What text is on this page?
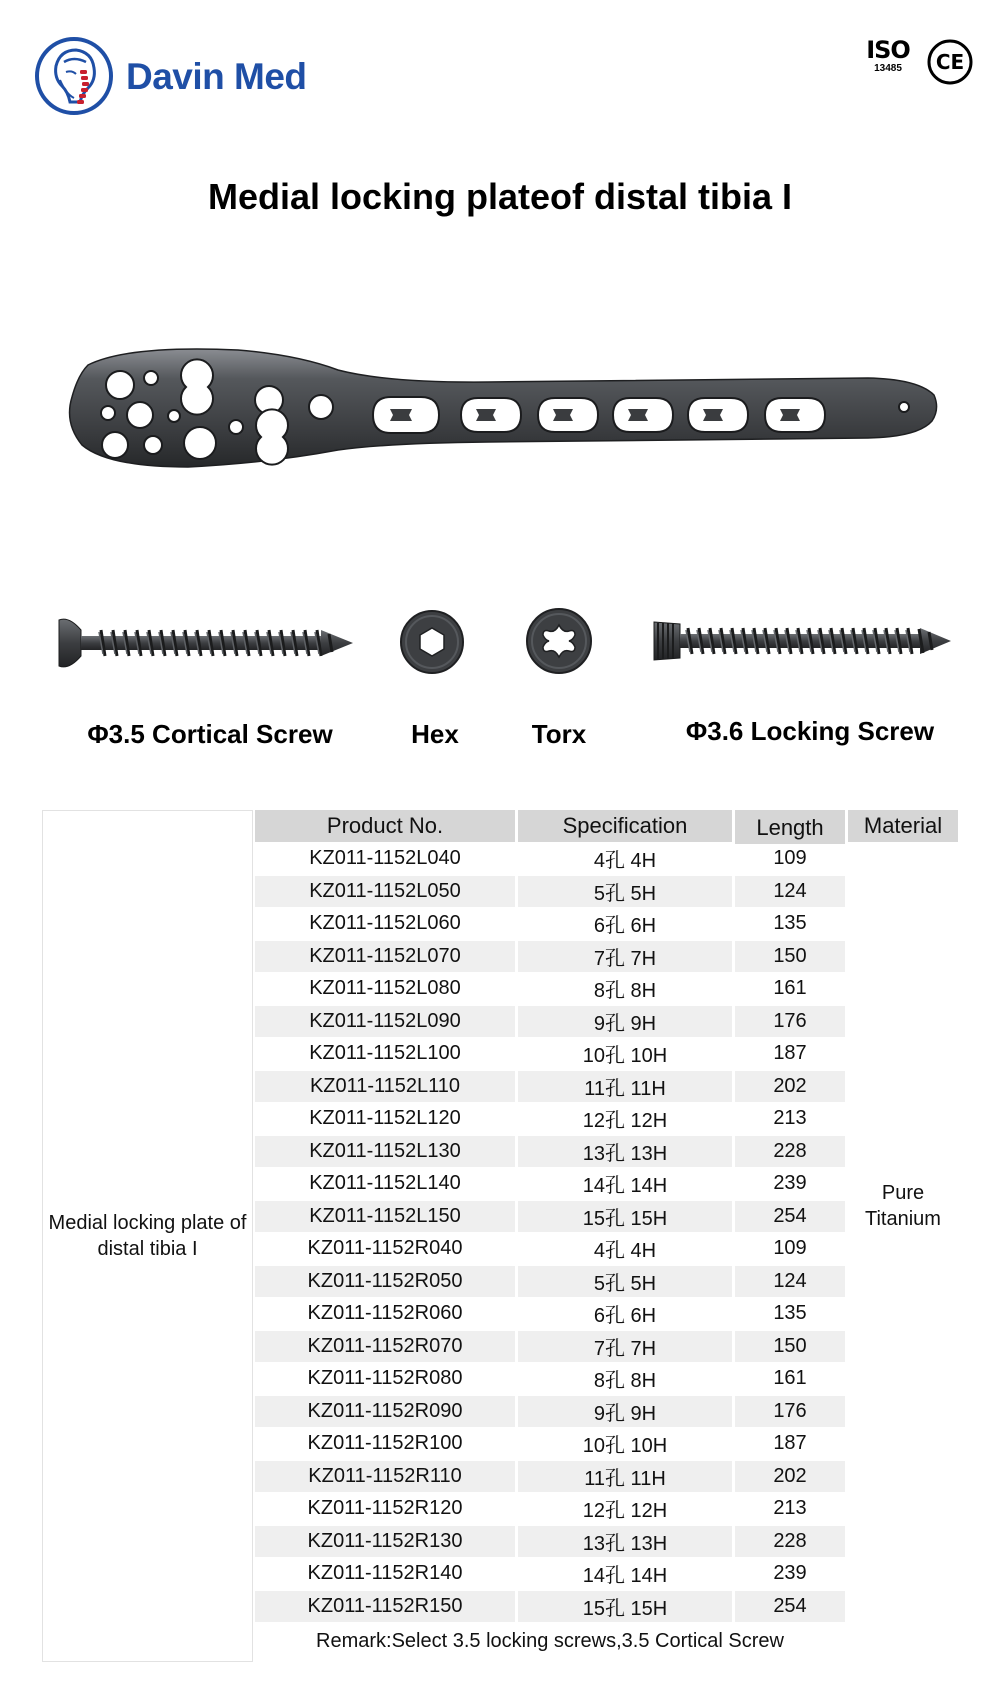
Davin Med
ISO
13485	CE
Medial locking plateof distal tibia I
Φ3.5 Cortical Screw	Hex	Torx	Φ3.6 Locking Screw
Medial locking plate of distal tibia I
Product No.	Specification	Length	Material
KZ011-1152L040	4孔 4H	109
KZ011-1152L050	5孔 5H	124
KZ011-1152L060	6孔 6H	135
KZ011-1152L070	7孔 7H	150
KZ011-1152L080	8孔 8H	161
KZ011-1152L090	9孔 9H	176
KZ011-1152L100	10孔 10H	187
KZ011-1152L110	11孔 11H	202
KZ011-1152L120	12孔 12H	213
KZ011-1152L130	13孔 13H	228
KZ011-1152L140	14孔 14H	239
KZ011-1152L150	15孔 15H	254
KZ011-1152R040	4孔 4H	109
KZ011-1152R050	5孔 5H	124
KZ011-1152R060	6孔 6H	135
KZ011-1152R070	7孔 7H	150
KZ011-1152R080	8孔 8H	161
KZ011-1152R090	9孔 9H	176
KZ011-1152R100	10孔 10H	187
KZ011-1152R110	11孔 11H	202
KZ011-1152R120	12孔 12H	213
KZ011-1152R130	13孔 13H	228
KZ011-1152R140	14孔 14H	239
KZ011-1152R150	15孔 15H	254
Pure Titanium
Remark:Select 3.5 locking screws,3.5 Cortical Screw
